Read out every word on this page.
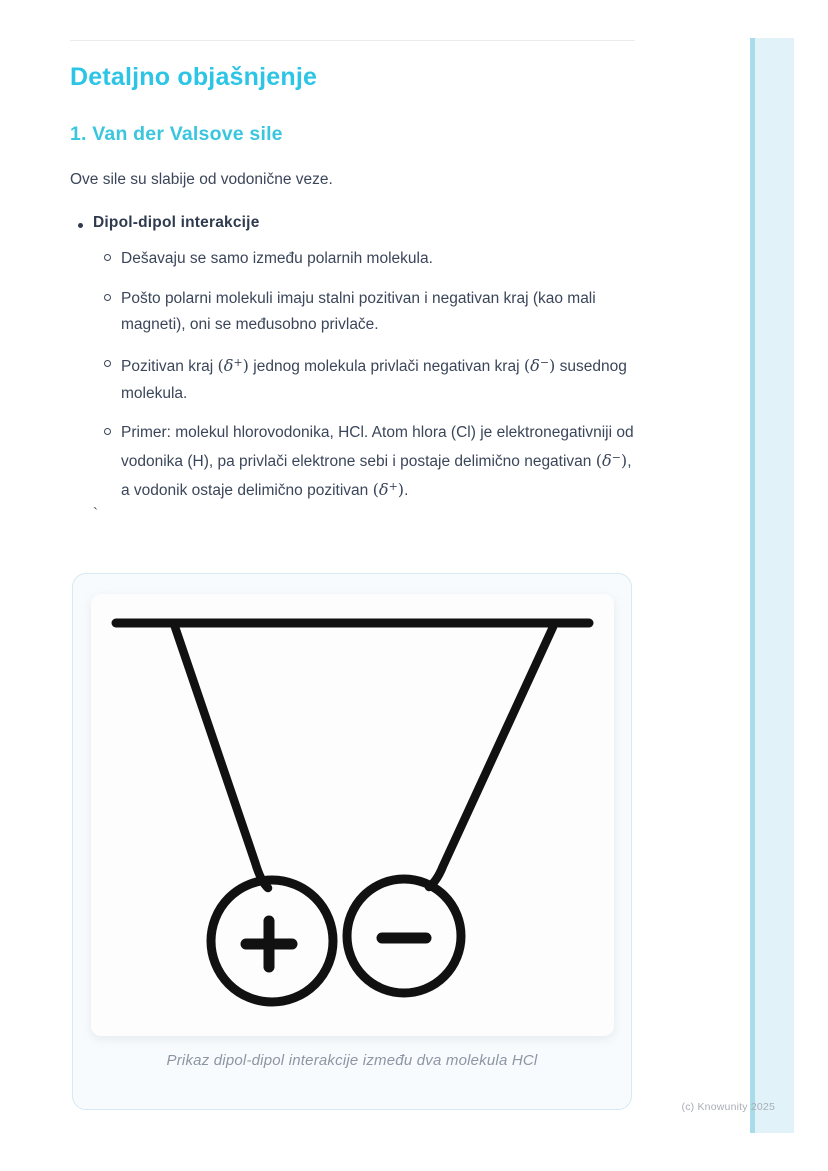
Detaljno objašnjenje
1. Van der Valsove sile

Ove sile su slabije od vodonične veze.

Dipol-dipol interakcije
Dešavaju se samo između polarnih molekula.
Pošto polarni molekuli imaju stalni pozitivan i negativan kraj (kao mali magneti), oni se međusobno privlače.
Pozitivan kraj (δ+) jednog molekula privlači negativan kraj (δ−) susednog molekula.
Primer: molekul hlorovodonika, HCl. Atom hlora (Cl) je elektronegativniji od vodonika (H), pa privlači elektrone sebi i postaje delimično negativan (δ−), a vodonik ostaje delimično pozitivan (δ+).
`
Prikaz dipol-dipol interakcije između dva molekula HCl
(c) Knowunity 2025
